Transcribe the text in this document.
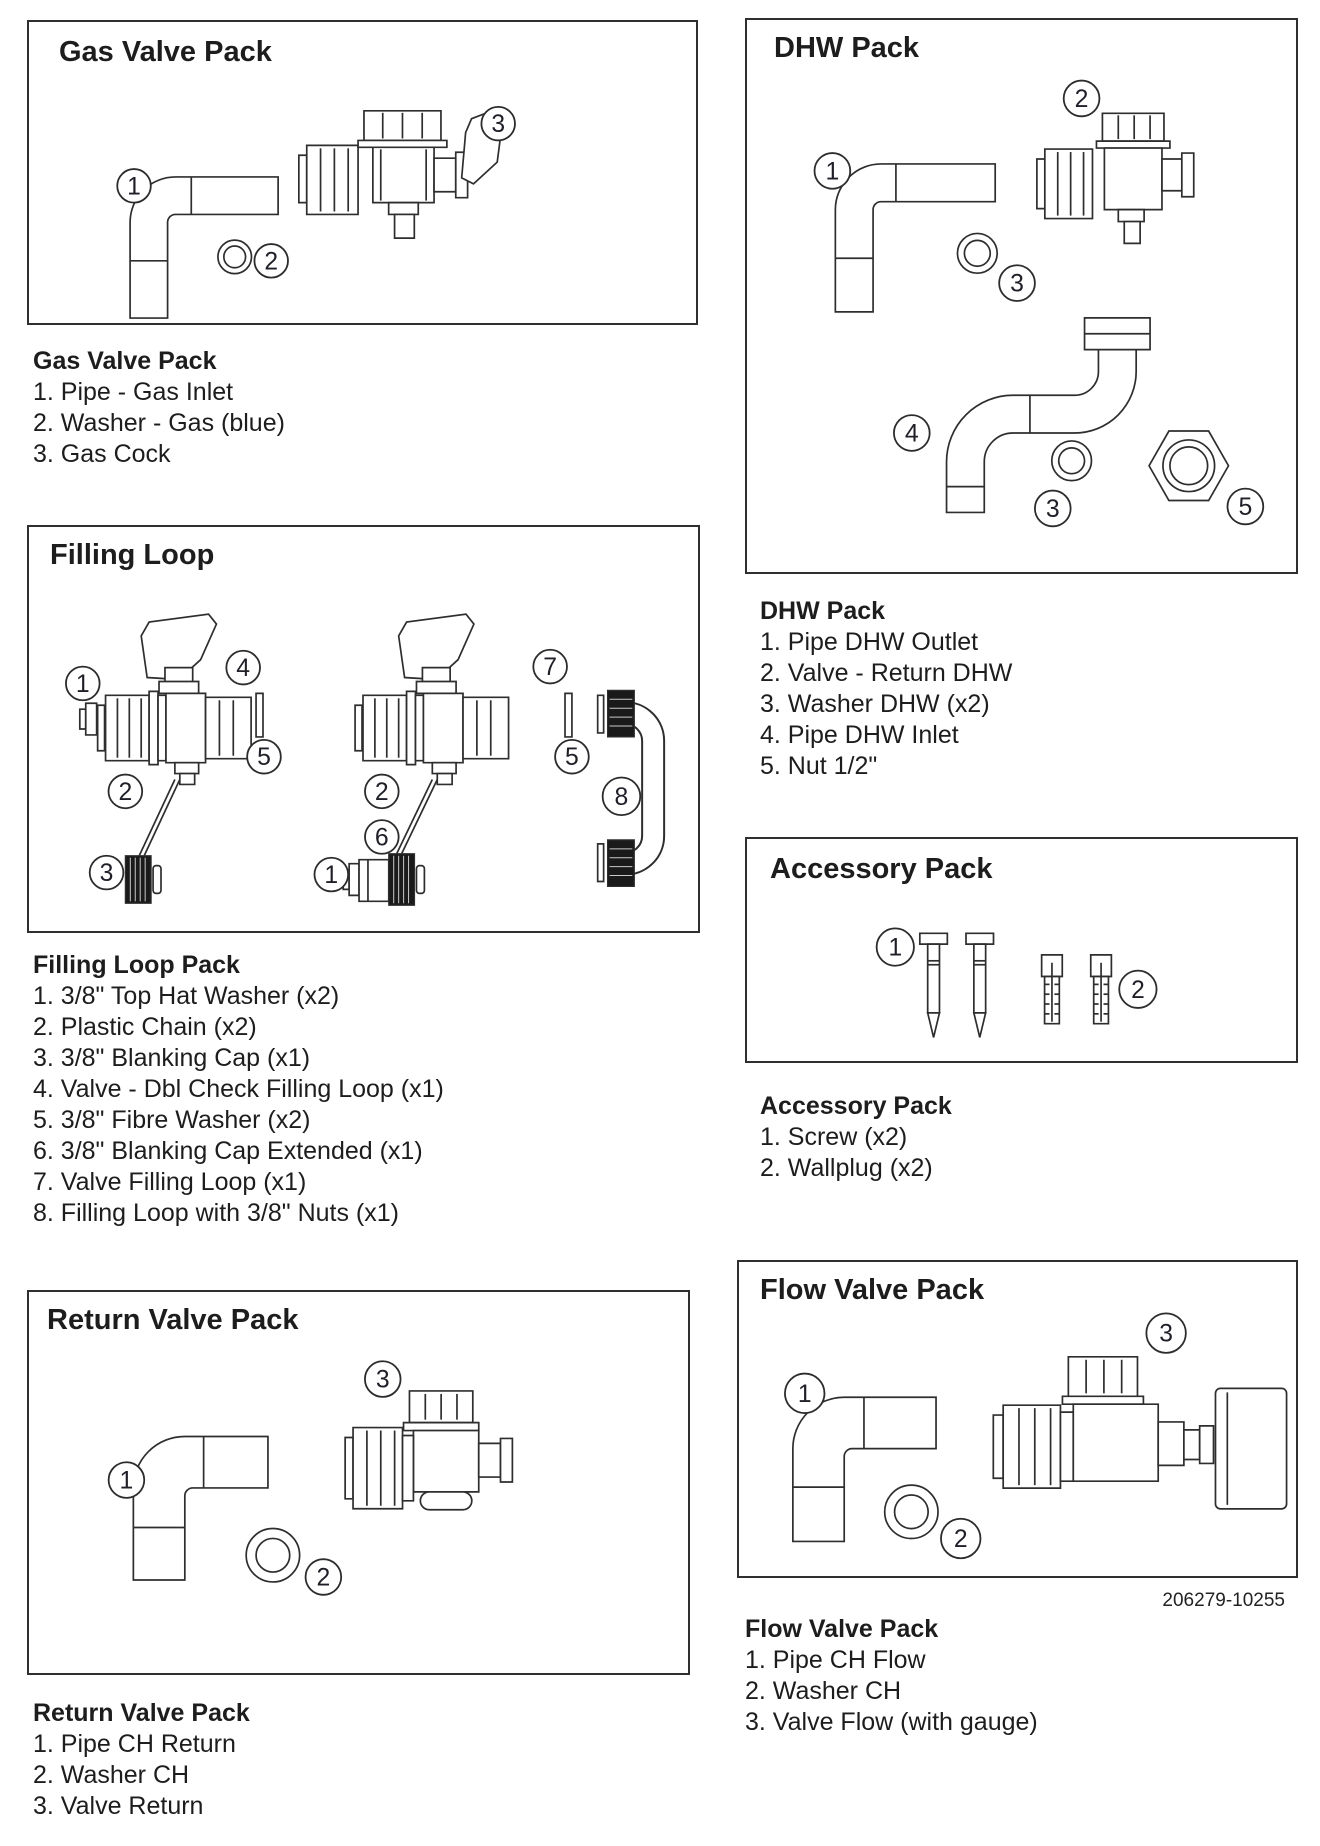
Gas Valve Pack
1
2
3
Gas Valve Pack
1. Pipe - Gas Inlet
2. Washer - Gas (blue)
3. Gas Cock
DHW Pack
1
2
3
4
3	5
DHW Pack
1. Pipe DHW Outlet
2. Valve - Return DHW
3. Washer DHW (x2)
4. Pipe DHW Inlet
5. Nut 1/2"
Filling Loop
1
4
5
2
3
7
5
2
6
1
8
Filling Loop Pack
1. 3/8" Top Hat Washer (x2)
2. Plastic Chain (x2)
3. 3/8" Blanking Cap (x1)
4. Valve - Dbl Check Filling Loop (x1)
5. 3/8" Fibre Washer (x2)
6. 3/8" Blanking Cap Extended (x1)
7. Valve Filling Loop (x1)
8. Filling Loop with 3/8" Nuts (x1)
Accessory Pack
1
2
Accessory Pack
1. Screw (x2)
2. Wallplug (x2)
Return Valve Pack
1
2
3
Return Valve Pack
1. Pipe CH Return
2. Washer CH
3. Valve Return
Flow Valve Pack
1
2
3
206279-10255
Flow Valve Pack
1. Pipe CH Flow
2. Washer CH
3. Valve Flow (with gauge)
